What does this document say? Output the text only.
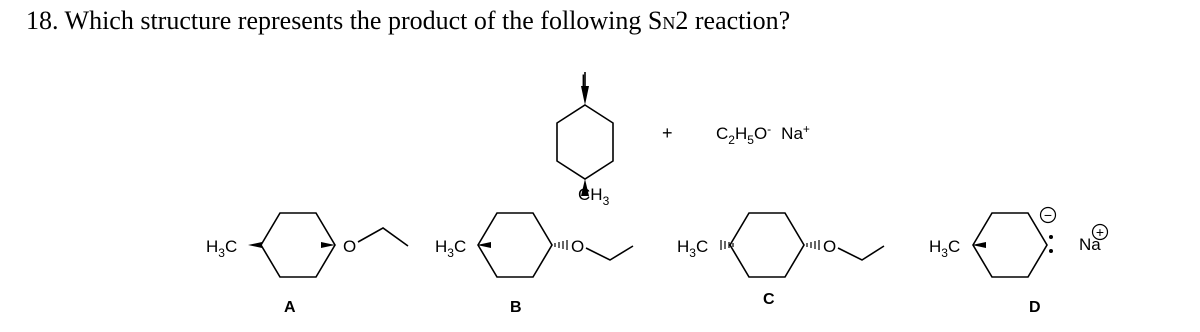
18. Which structure represents the product of the following SN2 reaction?
I
$CH_3$
+	$C_2H_5O^-$ Na+
$H_3C$	O
A
$H_3C$	O
B
$H_3C$	O
C
$H_3C$
−
Na
+
D
